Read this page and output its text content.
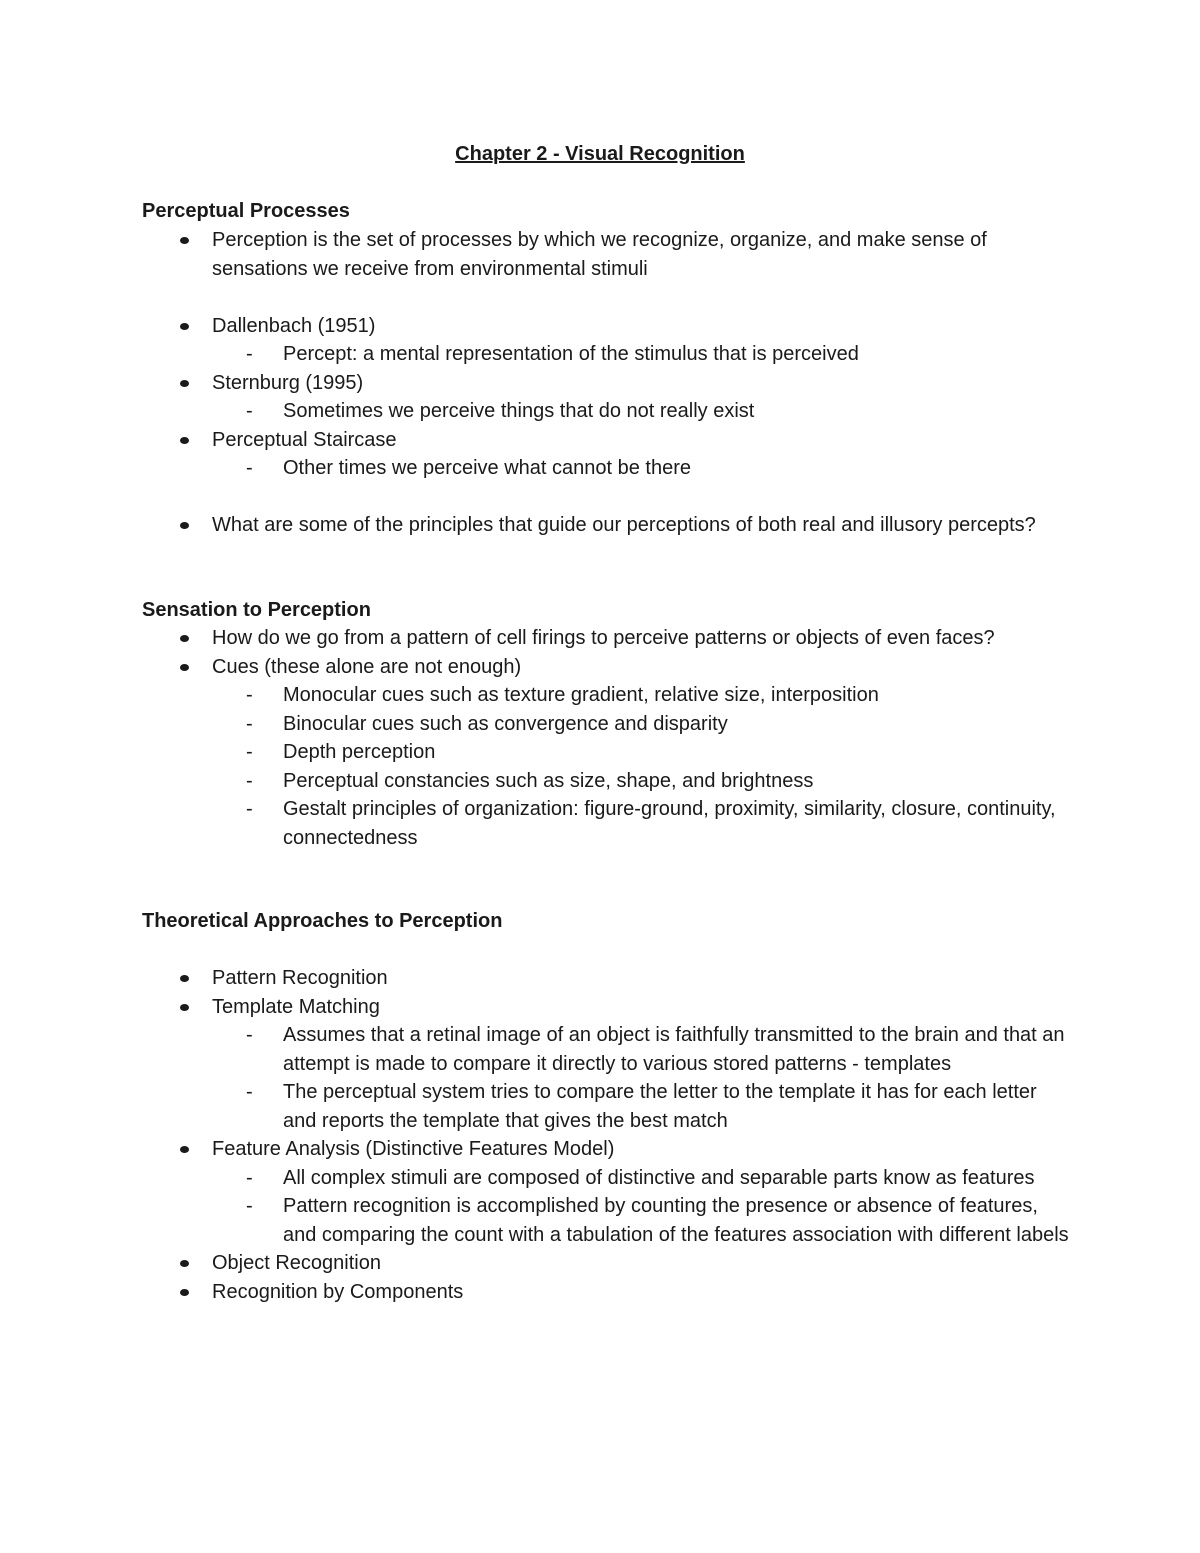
Chapter 2 - Visual Recognition
Perceptual Processes
Perception is the set of processes by which we recognize, organize, and make sense of sensations we receive from environmental stimuli
Dallenbach (1951)
- Percept: a mental representation of the stimulus that is perceived
Sternburg (1995)
- Sometimes we perceive things that do not really exist
Perceptual Staircase
- Other times we perceive what cannot be there
What are some of the principles that guide our perceptions of both real and illusory percepts?
Sensation to Perception
How do we go from a pattern of cell firings to perceive patterns or objects of even faces?
Cues (these alone are not enough)
- Monocular cues such as texture gradient, relative size, interposition
- Binocular cues such as convergence and disparity
- Depth perception
- Perceptual constancies such as size, shape, and brightness
- Gestalt principles of organization: figure-ground, proximity, similarity, closure, continuity, connectedness
Theoretical Approaches to Perception
Pattern Recognition
Template Matching
- Assumes that a retinal image of an object is faithfully transmitted to the brain and that an attempt is made to compare it directly to various stored patterns - templates
- The perceptual system tries to compare the letter to the template it has for each letter and reports the template that gives the best match
Feature Analysis (Distinctive Features Model)
- All complex stimuli are composed of distinctive and separable parts know as features
- Pattern recognition is accomplished by counting the presence or absence of features, and comparing the count with a tabulation of the features association with different labels
Object Recognition
Recognition by Components
